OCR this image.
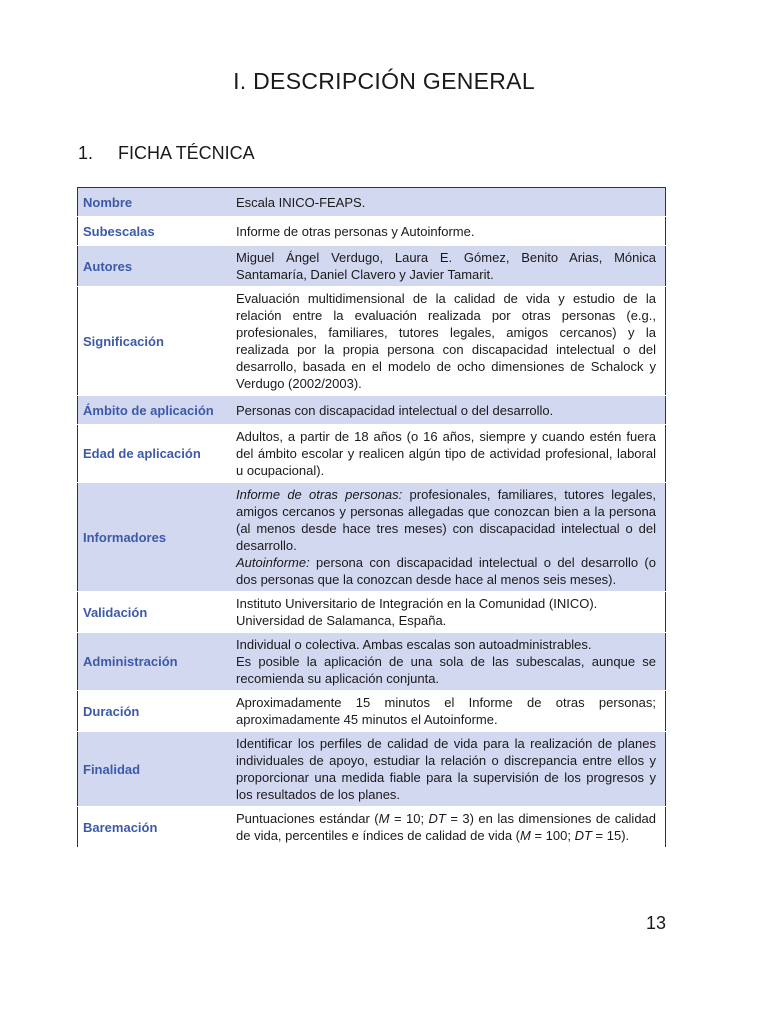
I. DESCRIPCIÓN GENERAL
1. FICHA TÉCNICA
Nombre	Escala INICO-FEAPS.
Subescalas	Informe de otras personas y Autoinforme.
Autores	Miguel Ángel Verdugo, Laura E. Gómez, Benito Arias, Mónica Santamaría, Daniel Clavero y Javier Tamarit.
Significación	Evaluación multidimensional de la calidad de vida y estudio de la relación entre la evaluación realizada por otras personas (e.g., profesionales, familiares, tutores legales, amigos cercanos) y la realizada por la propia persona con discapacidad intelectual o del desarrollo, basada en el modelo de ocho dimensiones de Schalock y Verdugo (2002/2003).
Ámbito de aplicación	Personas con discapacidad intelectual o del desarrollo.
Edad de aplicación	Adultos, a partir de 18 años (o 16 años, siempre y cuando estén fuera del ámbito escolar y realicen algún tipo de actividad profesional, laboral u ocupacional).
Informadores	Informe de otras personas: profesionales, familiares, tutores legales, amigos cercanos y personas allegadas que conozcan bien a la persona (al menos desde hace tres meses) con discapacidad intelectual o del desarrollo.
Autoinforme: persona con discapacidad intelectual o del desarrollo (o dos personas que la conozcan desde hace al menos seis meses).
Validación	Instituto Universitario de Integración en la Comunidad (INICO).
Universidad de Salamanca, España.
Administración	Individual o colectiva. Ambas escalas son autoadministrables.
Es posible la aplicación de una sola de las subescalas, aunque se recomienda su aplicación conjunta.
Duración	Aproximadamente 15 minutos el Informe de otras personas; aproximadamente 45 minutos el Autoinforme.
Finalidad	Identificar los perfiles de calidad de vida para la realización de planes individuales de apoyo, estudiar la relación o discrepancia entre ellos y proporcionar una medida fiable para la supervisión de los progresos y los resultados de los planes.
Baremación	Puntuaciones estándar (M = 10; DT = 3) en las dimensiones de calidad de vida, percentiles e índices de calidad de vida (M = 100; DT = 15).
13
